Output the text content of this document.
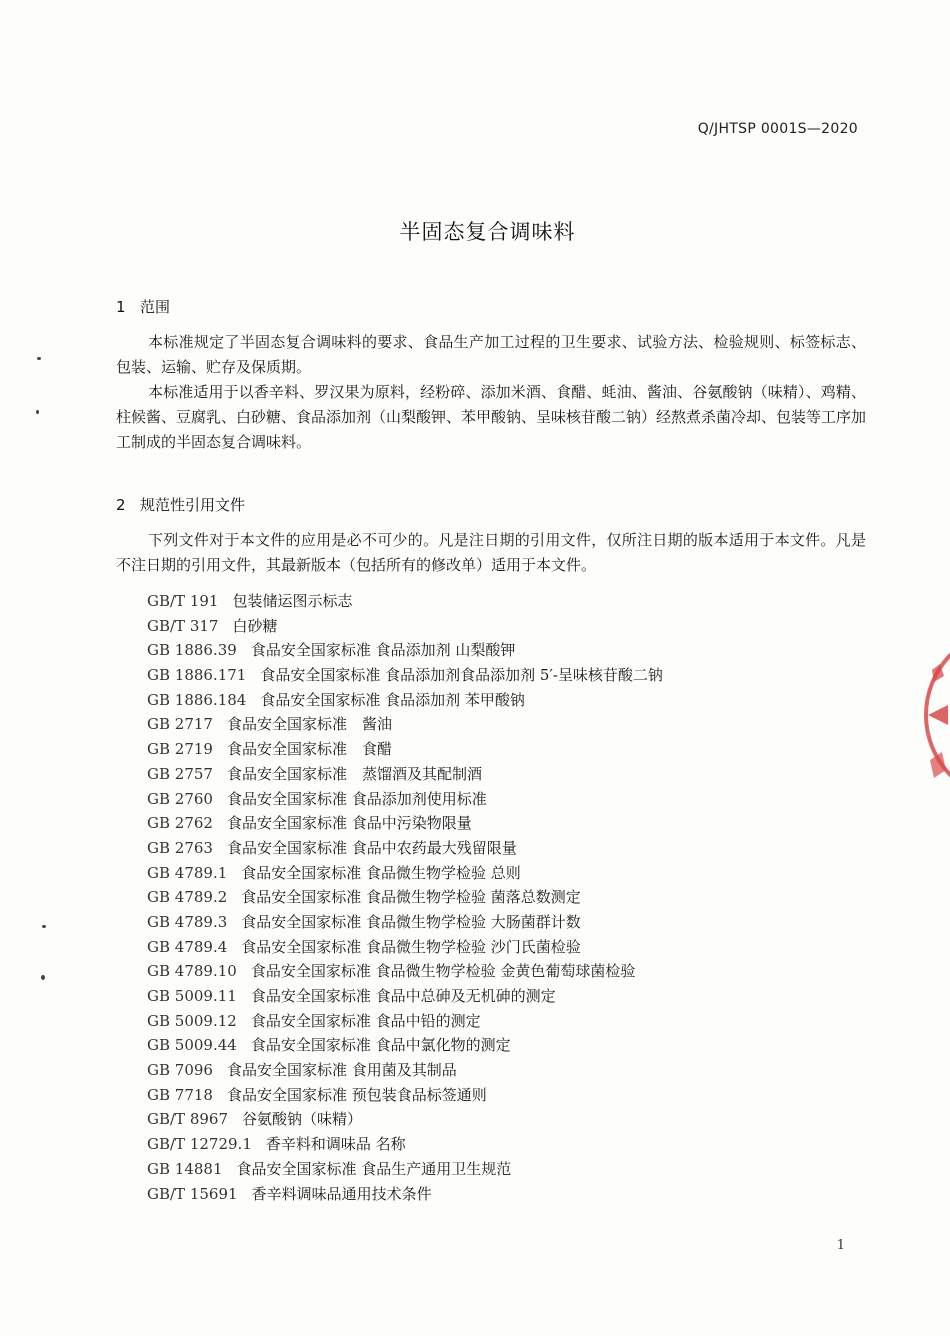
Q/JHTSP 0001S—2020
半固态复合调味料
1 范围

本标准规定了半固态复合调味料的要求、食品生产加工过程的卫生要求、试验方法、检验规则、标签标志、包装、运输、贮存及保质期。

本标准适用于以香辛料、罗汉果为原料，经粉碎、添加米酒、食醋、蚝油、酱油、谷氨酸钠（味精）、鸡精、柱候酱、豆腐乳、白砂糖、食品添加剂（山梨酸钾、苯甲酸钠、呈味核苷酸二钠）经熬煮杀菌冷却、包装等工序加工制成的半固态复合调味料。

2 规范性引用文件

下列文件对于本文件的应用是必不可少的。凡是注日期的引用文件，仅所注日期的版本适用于本文件。凡是不注日期的引用文件，其最新版本（包括所有的修改单）适用于本文件。

GB/T 191 包装储运图示标志
GB/T 317 白砂糖
GB 1886.39 食品安全国家标准 食品添加剂 山梨酸钾
GB 1886.171 食品安全国家标准 食品添加剂食品添加剂 5′-呈味核苷酸二钠
GB 1886.184 食品安全国家标准 食品添加剂 苯甲酸钠
GB 2717 食品安全国家标准　酱油
GB 2719 食品安全国家标准　食醋
GB 2757 食品安全国家标准　蒸馏酒及其配制酒
GB 2760 食品安全国家标准 食品添加剂使用标准
GB 2762 食品安全国家标准 食品中污染物限量
GB 2763 食品安全国家标准 食品中农药最大残留限量
GB 4789.1 食品安全国家标准 食品微生物学检验 总则
GB 4789.2 食品安全国家标准 食品微生物学检验 菌落总数测定
GB 4789.3 食品安全国家标准 食品微生物学检验 大肠菌群计数
GB 4789.4 食品安全国家标准 食品微生物学检验 沙门氏菌检验
GB 4789.10 食品安全国家标准 食品微生物学检验 金黄色葡萄球菌检验
GB 5009.11 食品安全国家标准 食品中总砷及无机砷的测定
GB 5009.12 食品安全国家标准 食品中铅的测定
GB 5009.44 食品安全国家标准 食品中氯化物的测定
GB 7096 食品安全国家标准 食用菌及其制品
GB 7718 食品安全国家标准 预包装食品标签通则
GB/T 8967 谷氨酸钠（味精）
GB/T 12729.1 香辛料和调味品 名称
GB 14881 食品安全国家标准 食品生产通用卫生规范
GB/T 15691 香辛料调味品通用技术条件
1
